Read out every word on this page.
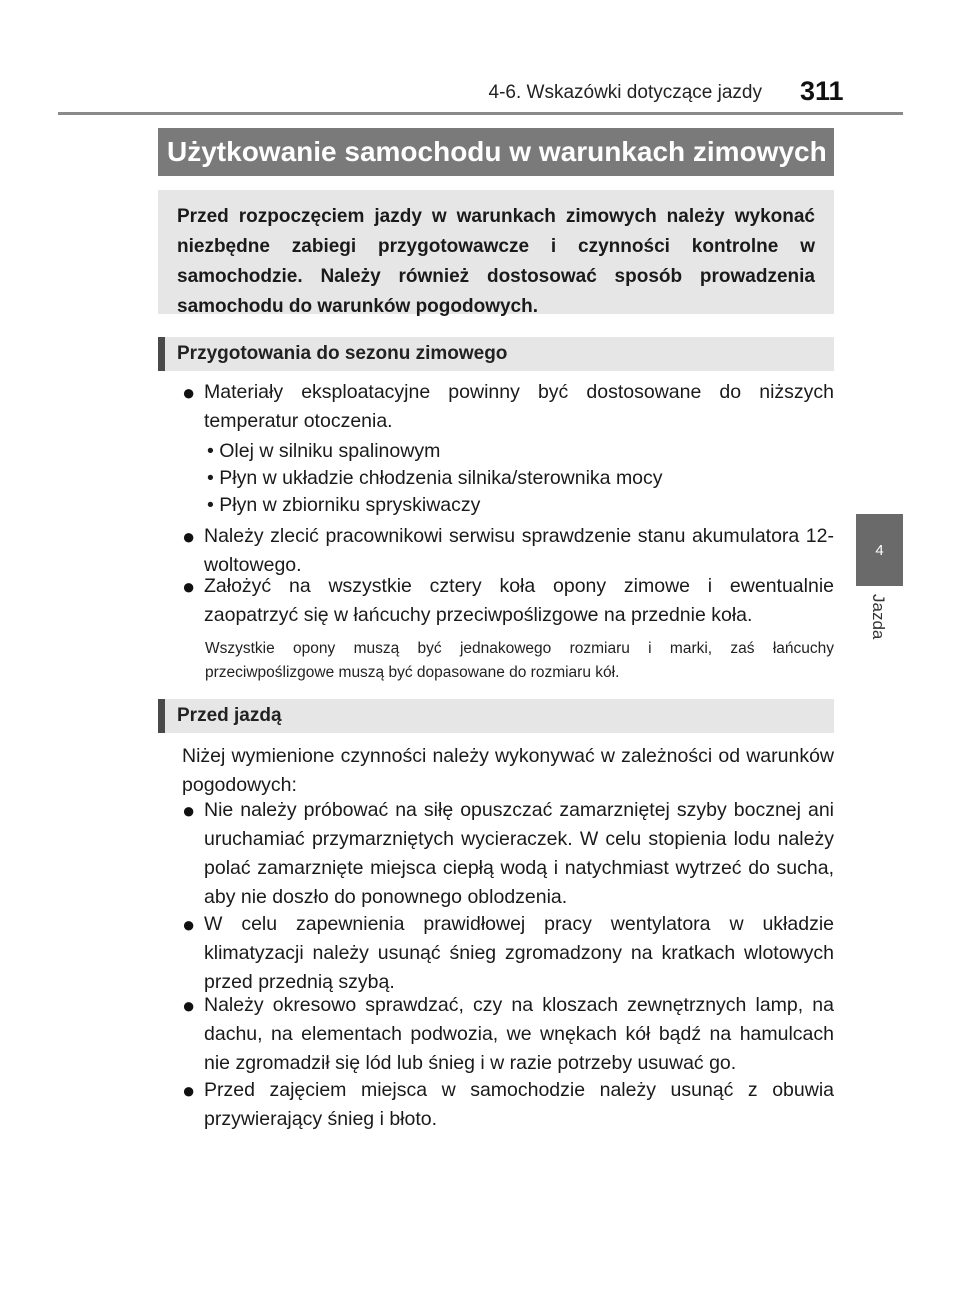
4-6. Wskazówki dotyczące jazdy 311
4
Jazda
Użytkowanie samochodu w warunkach zimowych
Przed rozpoczęciem jazdy w warunkach zimowych należy wykonać niezbędne zabiegi przygotowawcze i czynności kontrolne w samochodzie. Należy również dostosować sposób prowadzenia samochodu do warunków pogodowych.
Przygotowania do sezonu zimowego
● Materiały eksploatacyjne powinny być dostosowane do niższych temperatur otoczenia.
• Olej w silniku spalinowym
• Płyn w układzie chłodzenia silnika/sterownika mocy
• Płyn w zbiorniku spryskiwaczy
● Należy zlecić pracownikowi serwisu sprawdzenie stanu akumulatora 12-woltowego.
● Założyć na wszystkie cztery koła opony zimowe i ewentualnie zaopatrzyć się w łańcuchy przeciwpoślizgowe na przednie koła.
Wszystkie opony muszą być jednakowego rozmiaru i marki, zaś łańcuchy przeciwpoślizgowe muszą być dopasowane do rozmiaru kół.
Przed jazdą
Niżej wymienione czynności należy wykonywać w zależności od warunków pogodowych:
● Nie należy próbować na siłę opuszczać zamarzniętej szyby bocznej ani uruchamiać przymarzniętych wycieraczek. W celu stopienia lodu należy polać zamarznięte miejsca ciepłą wodą i natychmiast wytrzeć do sucha, aby nie doszło do ponownego oblodzenia.
● W celu zapewnienia prawidłowej pracy wentylatora w układzie klimatyzacji należy usunąć śnieg zgromadzony na kratkach wlotowych przed przednią szybą.
● Należy okresowo sprawdzać, czy na kloszach zewnętrznych lamp, na dachu, na elementach podwozia, we wnękach kół bądź na hamulcach nie zgromadził się lód lub śnieg i w razie potrzeby usuwać go.
● Przed zajęciem miejsca w samochodzie należy usunąć z obuwia przywierający śnieg i błoto.
